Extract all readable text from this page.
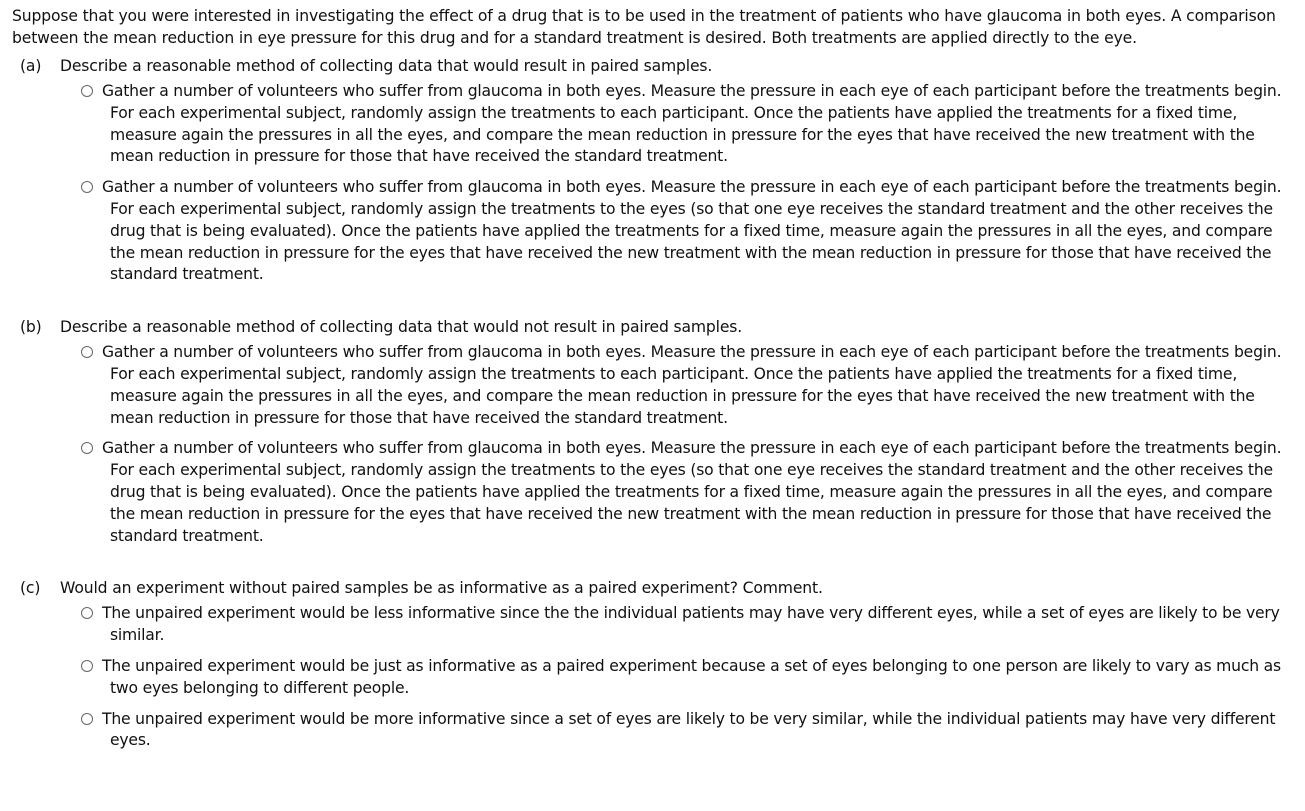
Suppose that you were interested in investigating the effect of a drug that is to be used in the treatment of patients who have glaucoma in both eyes. A comparison between the mean reduction in eye pressure for this drug and for a standard treatment is desired. Both treatments are applied directly to the eye.

(a)	Describe a reasonable method of collecting data that would result in paired samples.
Gather a number of volunteers who suffer from glaucoma in both eyes. Measure the pressure in each eye of each participant before the treatments begin. For each experimental subject, randomly assign the treatments to each participant. Once the patients have applied the treatments for a fixed time, measure again the pressures in all the eyes, and compare the mean reduction in pressure for the eyes that have received the new treatment with the mean reduction in pressure for those that have received the standard treatment.
Gather a number of volunteers who suffer from glaucoma in both eyes. Measure the pressure in each eye of each participant before the treatments begin. For each experimental subject, randomly assign the treatments to the eyes (so that one eye receives the standard treatment and the other receives the drug that is being evaluated). Once the patients have applied the treatments for a fixed time, measure again the pressures in all the eyes, and compare the mean reduction in pressure for the eyes that have received the new treatment with the mean reduction in pressure for those that have received the standard treatment.
(b)	Describe a reasonable method of collecting data that would not result in paired samples.
Gather a number of volunteers who suffer from glaucoma in both eyes. Measure the pressure in each eye of each participant before the treatments begin. For each experimental subject, randomly assign the treatments to each participant. Once the patients have applied the treatments for a fixed time, measure again the pressures in all the eyes, and compare the mean reduction in pressure for the eyes that have received the new treatment with the mean reduction in pressure for those that have received the standard treatment.
Gather a number of volunteers who suffer from glaucoma in both eyes. Measure the pressure in each eye of each participant before the treatments begin. For each experimental subject, randomly assign the treatments to the eyes (so that one eye receives the standard treatment and the other receives the drug that is being evaluated). Once the patients have applied the treatments for a fixed time, measure again the pressures in all the eyes, and compare the mean reduction in pressure for the eyes that have received the new treatment with the mean reduction in pressure for those that have received the standard treatment.
(c)	Would an experiment without paired samples be as informative as a paired experiment? Comment.
The unpaired experiment would be less informative since the the individual patients may have very different eyes, while a set of eyes are likely to be very similar.
The unpaired experiment would be just as informative as a paired experiment because a set of eyes belonging to one person are likely to vary as much as two eyes belonging to different people.
The unpaired experiment would be more informative since a set of eyes are likely to be very similar, while the individual patients may have very different eyes.
